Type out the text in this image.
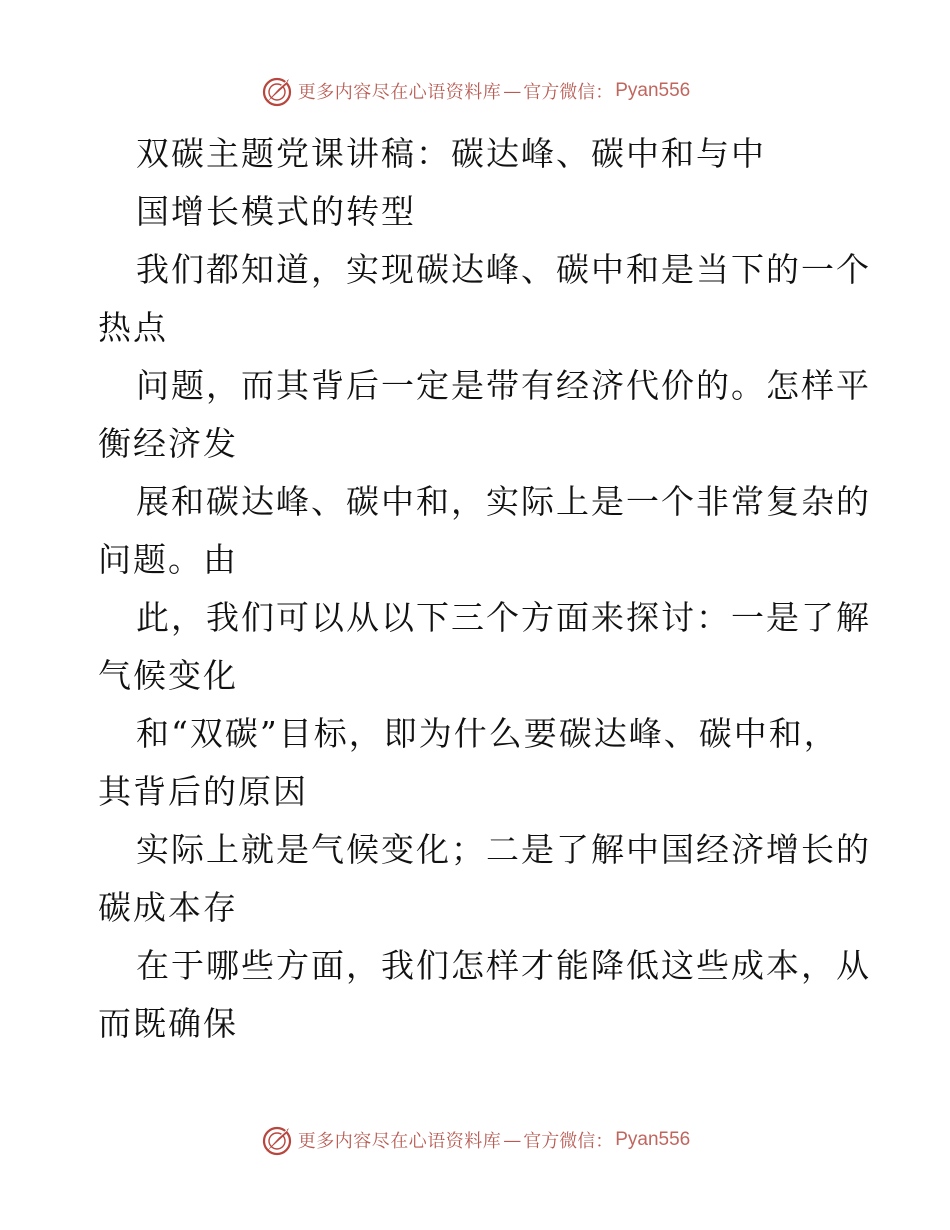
更多内容尽在心语资料库 — 官方微信： Pyan556
双碳主题党课讲稿：碳达峰、碳中和与中
国增长模式的转型
我们都知道，实现碳达峰、碳中和是当下的一个
热点
问题，而其背后一定是带有经济代价的。怎样平
衡经济发
展和碳达峰、碳中和，实际上是一个非常复杂的
问题。由
此，我们可以从以下三个方面来探讨：一是了解
气候变化
和“双碳”目标，即为什么要碳达峰、碳中和，
其背后的原因
实际上就是气候变化；二是了解中国经济增长的
碳成本存
在于哪些方面，我们怎样才能降低这些成本，从
而既确保
更多内容尽在心语资料库 — 官方微信： Pyan556
